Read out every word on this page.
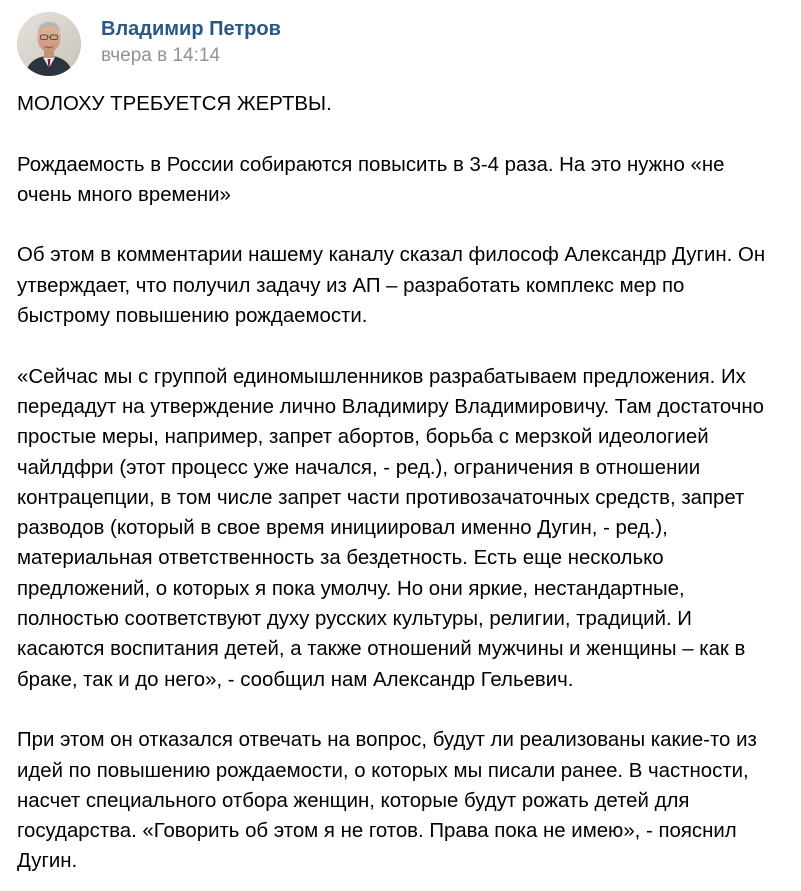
Владимир Петров
вчера в 14:14

МОЛОХУ ТРЕБУЕТСЯ ЖЕРТВЫ.

Рождаемость в России собираются повысить в 3-4 раза. На это нужно «не
очень много времени»

Об этом в комментарии нашему каналу сказал философ Александр Дугин. Он
утверждает, что получил задачу из АП – разработать комплекс мер по
быстрому повышению рождаемости.

«Сейчас мы с группой единомышленников разрабатываем предложения. Их
передадут на утверждение лично Владимиру Владимировичу. Там достаточно
простые меры, например, запрет абортов, борьба с мерзкой идеологией
чайлдфри (этот процесс уже начался, - ред.), ограничения в отношении
контрацепции, в том числе запрет части противозачаточных средств, запрет
разводов (который в свое время инициировал именно Дугин, - ред.),
материальная ответственность за бездетность. Есть еще несколько
предложений, о которых я пока умолчу. Но они яркие, нестандартные,
полностью соответствуют духу русских культуры, религии, традиций. И
касаются воспитания детей, а также отношений мужчины и женщины – как в
браке, так и до него», - сообщил нам Александр Гельевич.

При этом он отказался отвечать на вопрос, будут ли реализованы какие-то из
идей по повышению рождаемости, о которых мы писали ранее. В частности,
насчет специального отбора женщин, которые будут рожать детей для
государства. «Говорить об этом я не готов. Права пока не имею», - пояснил
Дугин.
